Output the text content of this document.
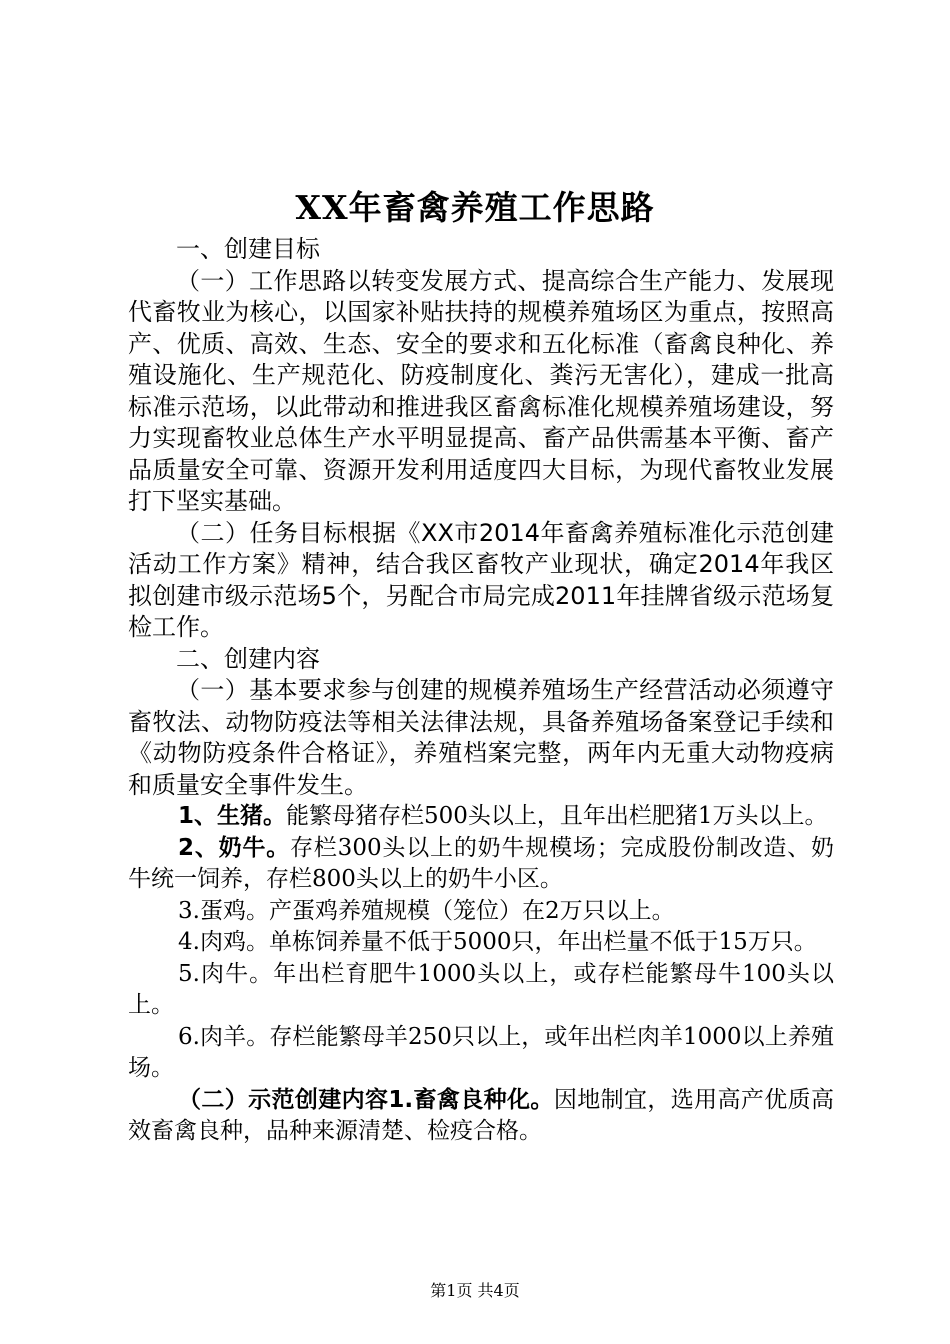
XX年畜禽养殖工作思路

一、创建目标

（一）工作思路以转变发展方式、提高综合生产能力、发展现代畜牧业为核心，以国家补贴扶持的规模养殖场区为重点，按照高产、优质、高效、生态、安全的要求和五化标准（畜禽良种化、养殖设施化、生产规范化、防疫制度化、粪污无害化），建成一批高标准示范场，以此带动和推进我区畜禽标准化规模养殖场建设，努力实现畜牧业总体生产水平明显提高、畜产品供需基本平衡、畜产品质量安全可靠、资源开发利用适度四大目标，为现代畜牧业发展打下坚实基础。

（二）任务目标根据《XX市2014年畜禽养殖标准化示范创建活动工作方案》精神，结合我区畜牧产业现状，确定2014年我区拟创建市级示范场5个，另配合市局完成2011年挂牌省级示范场复检工作。

二、创建内容

（一）基本要求参与创建的规模养殖场生产经营活动必须遵守畜牧法、动物防疫法等相关法律法规，具备养殖场备案登记手续和《动物防疫条件合格证》，养殖档案完整，两年内无重大动物疫病和质量安全事件发生。

1、生猪。能繁母猪存栏500头以上，且年出栏肥猪1万头以上。

2、奶牛。存栏300头以上的奶牛规模场；完成股份制改造、奶牛统一饲养，存栏800头以上的奶牛小区。

3.蛋鸡。产蛋鸡养殖规模（笼位）在2万只以上。

4.肉鸡。单栋饲养量不低于5000只，年出栏量不低于15万只。

5.肉牛。年出栏育肥牛1000头以上，或存栏能繁母牛100头以上。

6.肉羊。存栏能繁母羊250只以上，或年出栏肉羊1000以上养殖场。

（二）示范创建内容1.畜禽良种化。因地制宜，选用高产优质高效畜禽良种，品种来源清楚、检疫合格。

第1页 共4页
